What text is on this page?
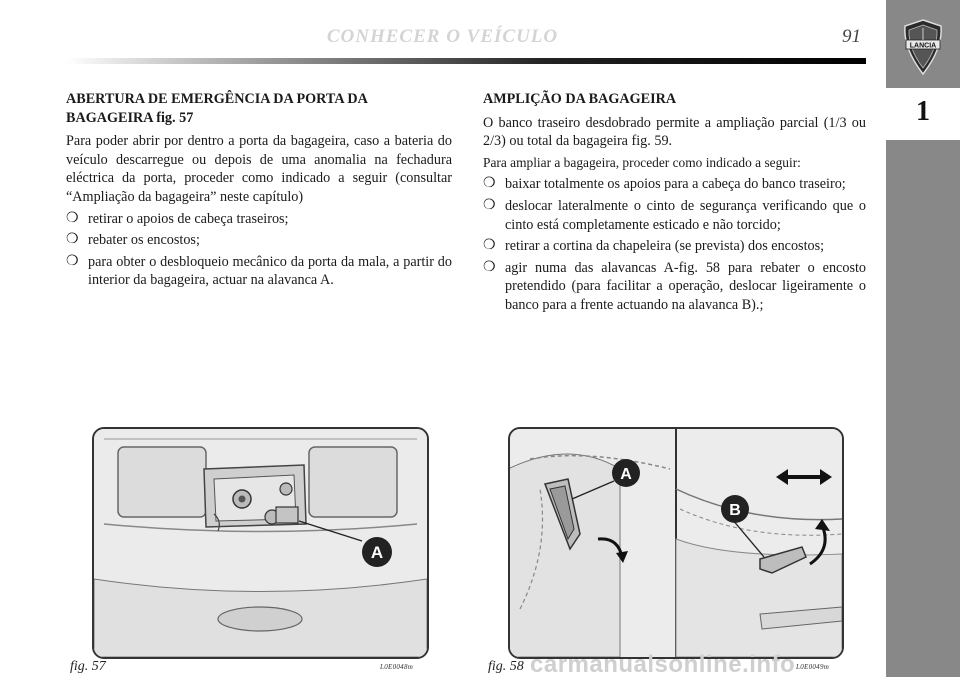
1
LANCIA
CONHECER O VEÍCULO	91
ABERTURA DE EMERGÊNCIA DA PORTA DA BAGAGEIRA fig. 57

Para poder abrir por dentro a porta da bagageira, caso a bateria do veículo descarregue ou depois de uma anomalia na fechadura eléctrica da porta, proceder como indicado a seguir (consultar “Ampliação da bagageira” neste capítulo)

❍ retirar o apoios de cabeça traseiros;
❍ rebater os encostos;
❍ para obter o desbloqueio mecânico da porta da mala, a partir do interior da bagageira, actuar na alavanca A.
AMPLIÇÃO DA BAGAGEIRA

O banco traseiro desdobrado permite a ampliação parcial (1/3 ou 2/3) ou total da bagageira fig. 59.

Para ampliar a bagageira, proceder como indicado a seguir:

❍ baixar totalmente os apoios para a cabeça do banco traseiro;
❍ deslocar lateralmente o cinto de segurança verificando que o cinto está completamente esticado e não torcido;
❍ retirar a cortina da chapeleira (se prevista) dos encostos;
❍ agir numa das alavancas A-fig. 58 para rebater o encosto pretendido (para facilitar a operação, deslocar ligeiramente o banco para a frente actuando na alavanca B).;
A
fig. 57	L0E0048m
A
B
fig. 58	L0E0049m
carmanualsonline.info
